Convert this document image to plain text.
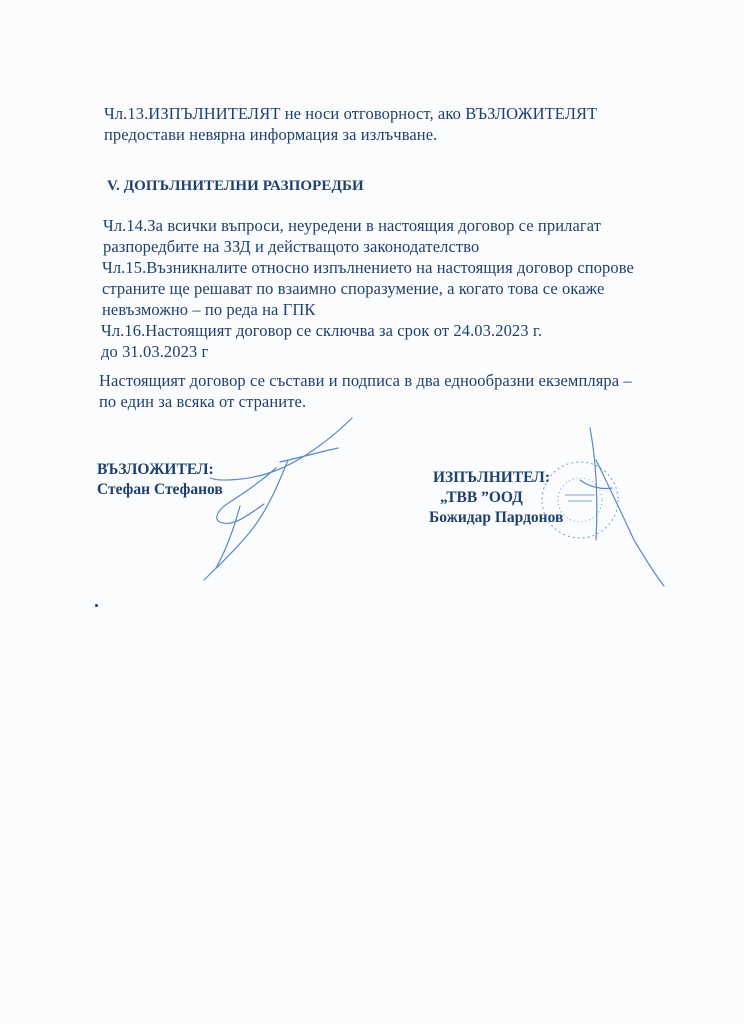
Чл.13.ИЗПЪЛНИТЕЛЯТ не носи отговорност, ако ВЪЗЛОЖИТЕЛЯТ
предостави невярна информация за излъчване.
V. ДОПЪЛНИТЕЛНИ РАЗПОРЕДБИ
Чл.14.За всички въпроси, неуредени в настоящия договор се прилагат
разпоредбите на ЗЗД и действащото законодателство
Чл.15.Възникналите относно изпълнението на настоящия договор спорове
страните ще решават по взаимно споразумение, а когато това се окаже
невъзможно – по реда на ГПК
Чл.16.Настоящият договор се сключва за срок от 24.03.2023 г.
до 31.03.2023 г
Настоящият договор се състави и подписа в два еднообразни екземпляра –
по един за всяка от страните.
ВЪЗЛОЖИТЕЛ:
Стефан Стефанов
ИЗПЪЛНИТЕЛ:
„ТВВ ”ООД
Божидар Пардонов
